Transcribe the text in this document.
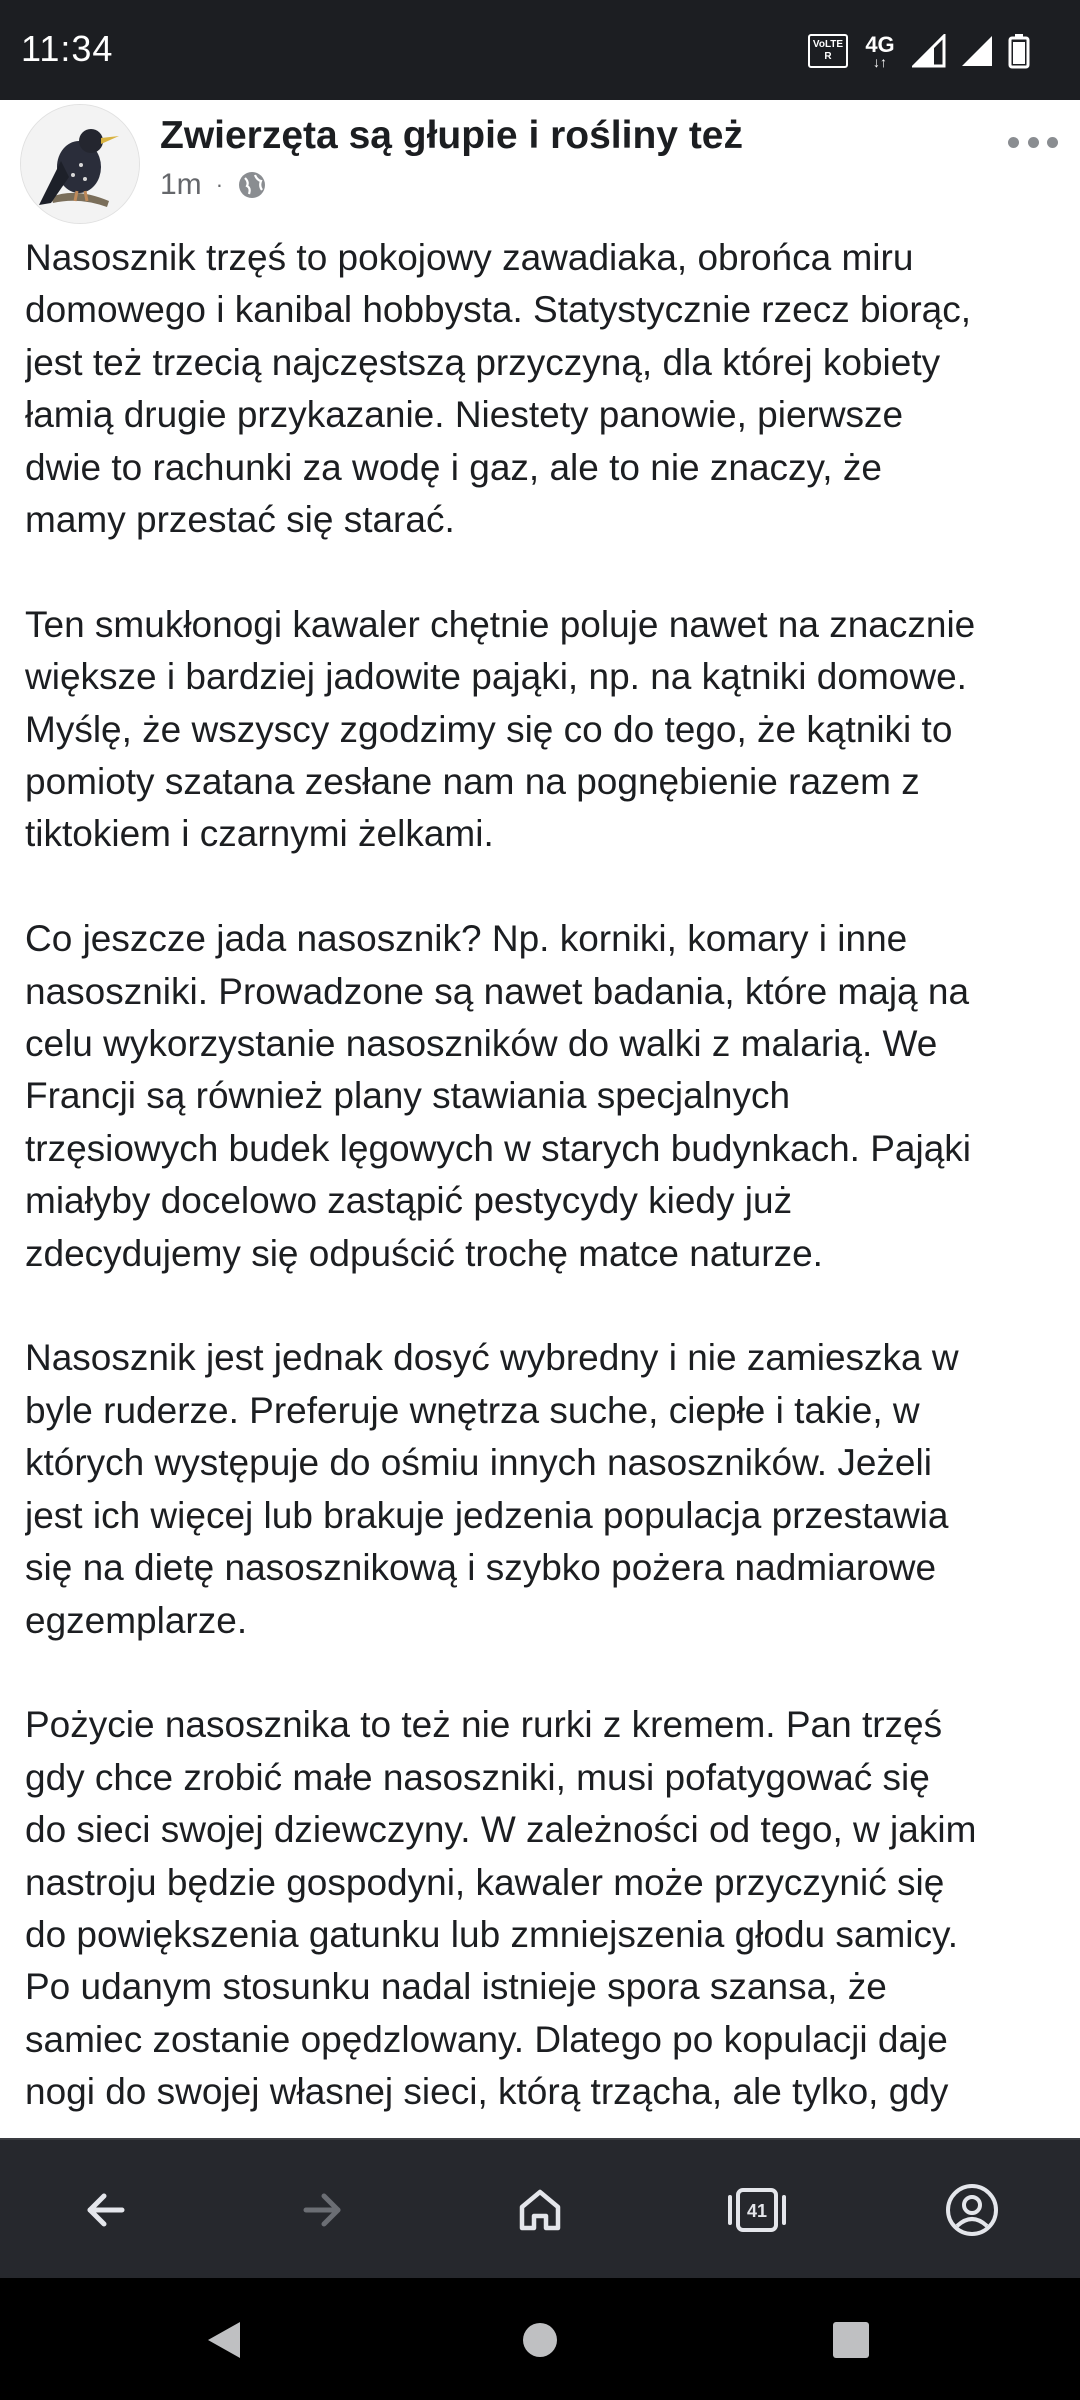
11:34	VoLTE
R	4G
↓↑
Zwierzęta są głupie i rośliny też
1m ·

Nasosznik trzęś to pokojowy zawadiaka, obrońca miru
domowego i kanibal hobbysta. Statystycznie rzecz biorąc,
jest też trzecią najczęstszą przyczyną, dla której kobiety
łamią drugie przykazanie. Niestety panowie, pierwsze
dwie to rachunki za wodę i gaz, ale to nie znaczy, że
mamy przestać się starać.

Ten smukłonogi kawaler chętnie poluje nawet na znacznie
większe i bardziej jadowite pająki, np. na kątniki domowe.
Myślę, że wszyscy zgodzimy się co do tego, że kątniki to
pomioty szatana zesłane nam na pognębienie razem z
tiktokiem i czarnymi żelkami.

Co jeszcze jada nasosznik? Np. korniki, komary i inne
nasoszniki. Prowadzone są nawet badania, które mają na
celu wykorzystanie nasoszników do walki z malarią. We
Francji są również plany stawiania specjalnych
trzęsiowych budek lęgowych w starych budynkach. Pająki
miałyby docelowo zastąpić pestycydy kiedy już
zdecydujemy się odpuścić trochę matce naturze.

Nasosznik jest jednak dosyć wybredny i nie zamieszka w
byle ruderze. Preferuje wnętrza suche, ciepłe i takie, w
których występuje do ośmiu innych nasoszników. Jeżeli
jest ich więcej lub brakuje jedzenia populacja przestawia
się na dietę nasosznikową i szybko pożera nadmiarowe
egzemplarze.

Pożycie nasosznika to też nie rurki z kremem. Pan trzęś
gdy chce zrobić małe nasoszniki, musi pofatygować się
do sieci swojej dziewczyny. W zależności od tego, w jakim
nastroju będzie gospodyni, kawaler może przyczynić się
do powiększenia gatunku lub zmniejszenia głodu samicy.
Po udanym stosunku nadal istnieje spora szansa, że
samiec zostanie opędzlowany. Dlatego po kopulacji daje
nogi do swojej własnej sieci, którą trząchа, ale tylko, gdy

41
